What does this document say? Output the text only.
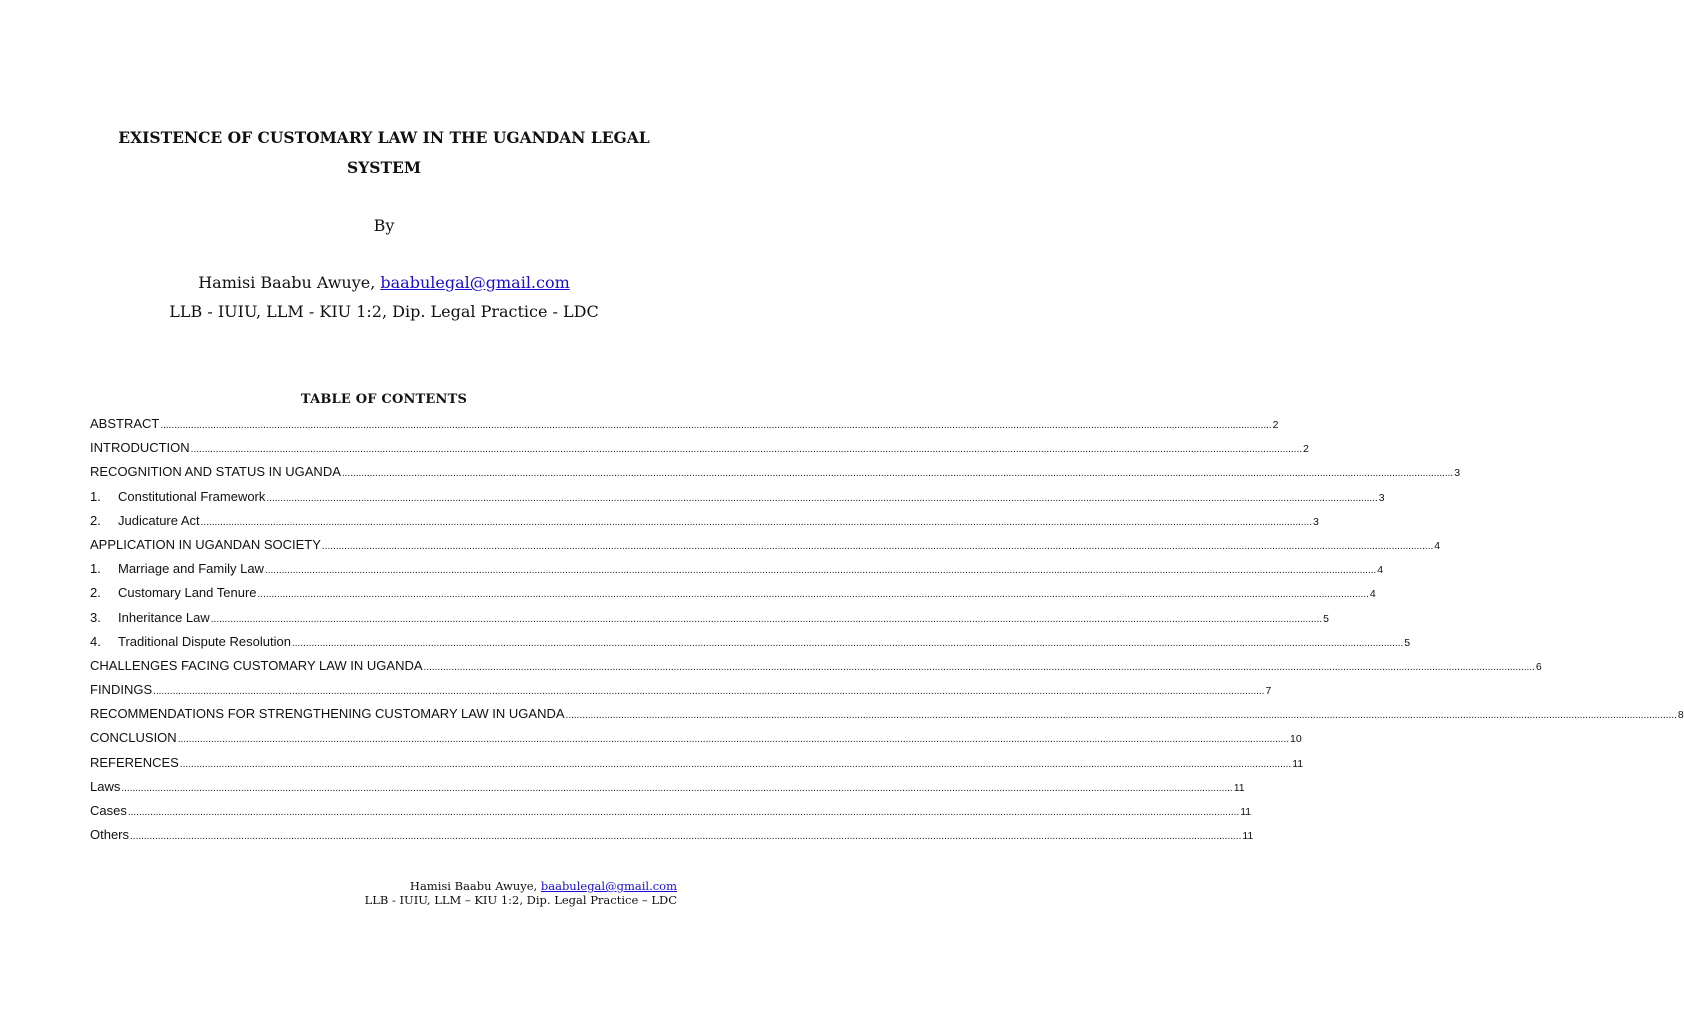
EXISTENCE OF CUSTOMARY LAW IN THE UGANDAN LEGAL
SYSTEM
By
Hamisi Baabu Awuye, baabulegal@gmail.com
LLB - IUIU, LLM - KIU 1:2, Dip. Legal Practice - LDC
TABLE OF CONTENTS
ABSTRACT ................................................................................................................................................................................................................................................................................................................................................................................................................ 2
INTRODUCTION ................................................................................................................................................................................................................................................................................................................................................................................................................ 2
RECOGNITION AND STATUS IN UGANDA ................................................................................................................................................................................................................................................................................................................................................................................................................ 3
1.	Constitutional Framework ................................................................................................................................................................................................................................................................................................................................................................................................................ 3
2.	Judicature Act ................................................................................................................................................................................................................................................................................................................................................................................................................ 3
APPLICATION IN UGANDAN SOCIETY ................................................................................................................................................................................................................................................................................................................................................................................................................ 4
1.	Marriage and Family Law ................................................................................................................................................................................................................................................................................................................................................................................................................ 4
2.	Customary Land Tenure ................................................................................................................................................................................................................................................................................................................................................................................................................ 4
3.	Inheritance Law ................................................................................................................................................................................................................................................................................................................................................................................................................ 5
4.	Traditional Dispute Resolution ................................................................................................................................................................................................................................................................................................................................................................................................................ 5
CHALLENGES FACING CUSTOMARY LAW IN UGANDA ................................................................................................................................................................................................................................................................................................................................................................................................................ 6
FINDINGS ................................................................................................................................................................................................................................................................................................................................................................................................................ 7
RECOMMENDATIONS FOR STRENGTHENING CUSTOMARY LAW IN UGANDA ................................................................................................................................................................................................................................................................................................................................................................................................................ 8
CONCLUSION ................................................................................................................................................................................................................................................................................................................................................................................................................ 10
REFERENCES ................................................................................................................................................................................................................................................................................................................................................................................................................ 11
Laws ................................................................................................................................................................................................................................................................................................................................................................................................................ 11
Cases ................................................................................................................................................................................................................................................................................................................................................................................................................ 11
Others ................................................................................................................................................................................................................................................................................................................................................................................................................ 11
Hamisi Baabu Awuye, baabulegal@gmail.com
LLB - IUIU, LLM – KIU 1:2, Dip. Legal Practice – LDC
